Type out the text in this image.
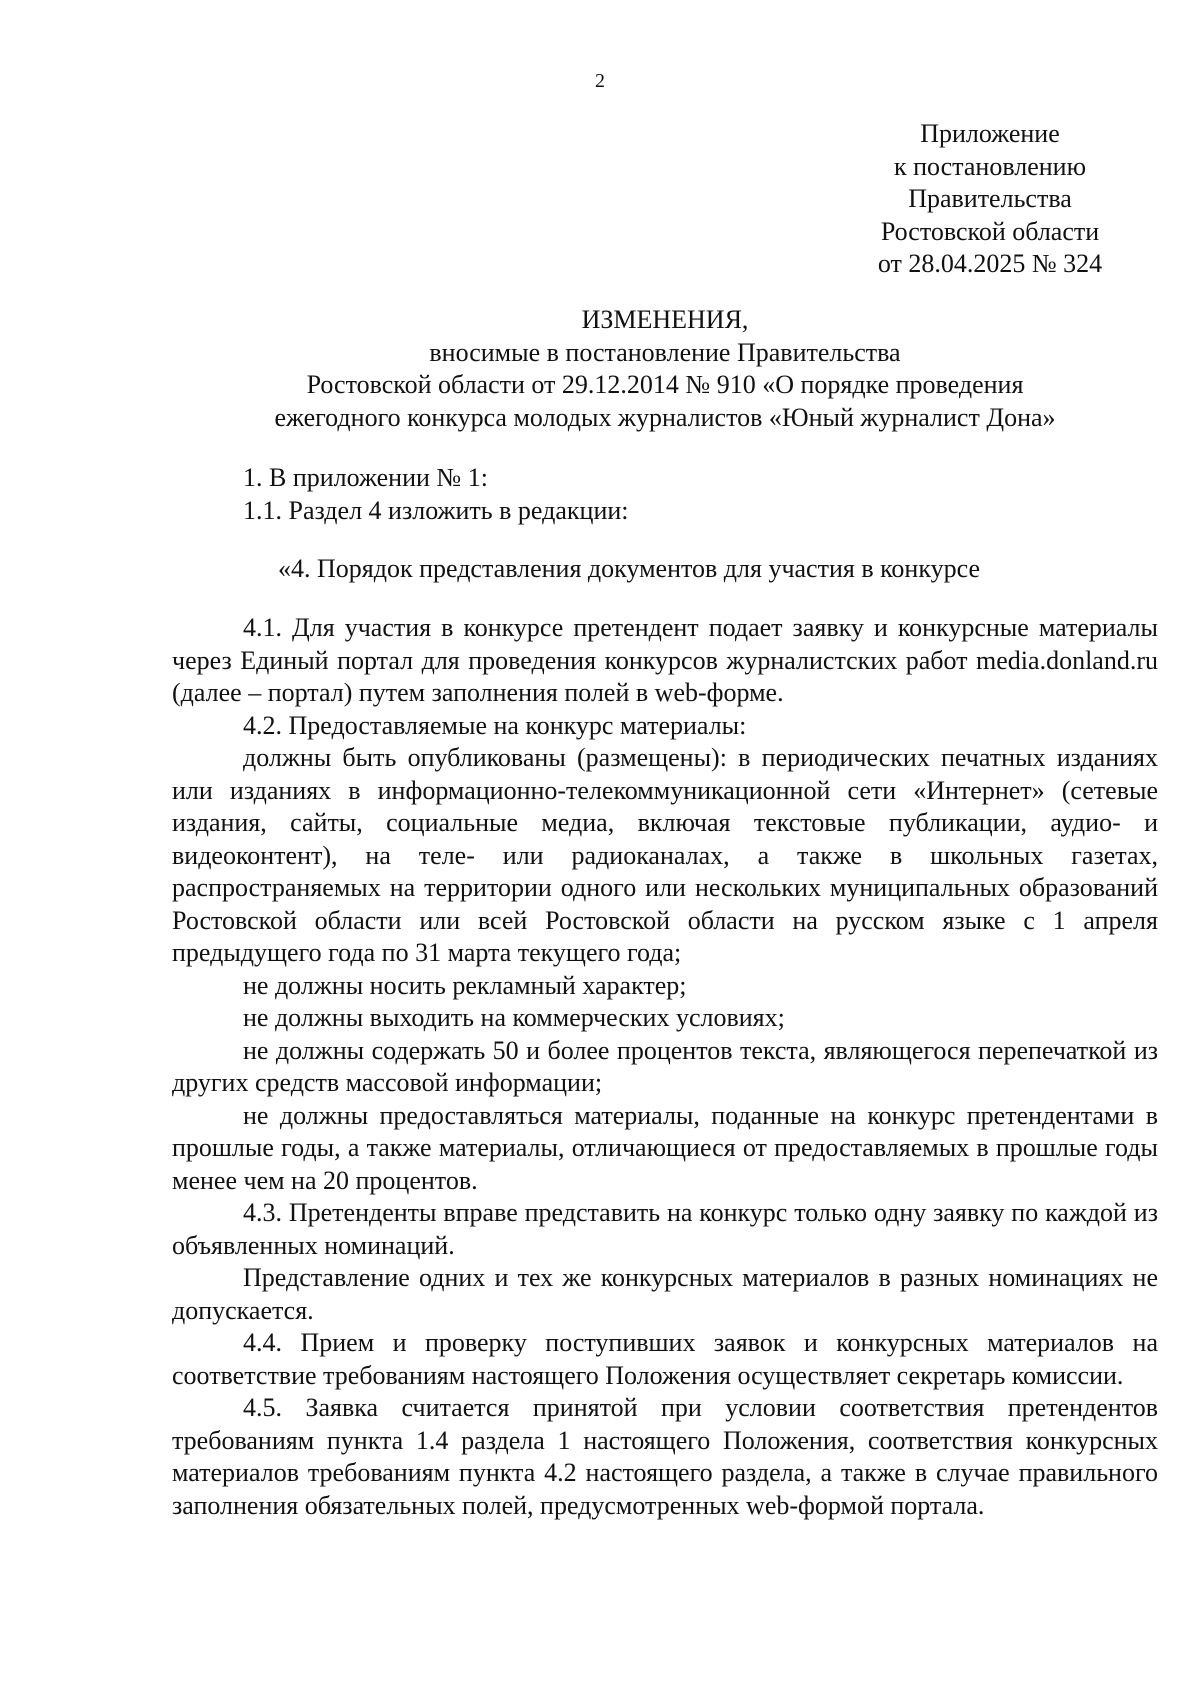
2
Приложение
к постановлению
Правительства
Ростовской области
от 28.04.2025 № 324
ИЗМЕНЕНИЯ,
вносимые в постановление Правительства
Ростовской области от 29.12.2014 № 910 «О порядке проведения
ежегодного конкурса молодых журналистов «Юный журналист Дона»

1. В приложении № 1:

1.1. Раздел 4 изложить в редакции:

«4. Порядок представления документов для участия в конкурсе

4.1. Для участия в конкурсе претендент подает заявку и конкурсные материалы через Единый портал для проведения конкурсов журналистских работ media.donland.ru (далее – портал) путем заполнения полей в web-форме.

4.2. Предоставляемые на конкурс материалы:

должны быть опубликованы (размещены): в периодических печатных изданиях или изданиях в информационно-телекоммуникационной сети «Интернет» (сетевые издания, сайты, социальные медиа, включая текстовые публикации, аудио- и видеоконтент), на теле- или радиоканалах, а также в школьных газетах, распространяемых на территории одного или нескольких муниципальных образований Ростовской области или всей Ростовской области на русском языке с 1 апреля предыдущего года по 31 марта текущего года;

не должны носить рекламный характер;

не должны выходить на коммерческих условиях;

не должны содержать 50 и более процентов текста, являющегося перепечаткой из других средств массовой информации;

не должны предоставляться материалы, поданные на конкурс претендентами в прошлые годы, а также материалы, отличающиеся от предоставляемых в прошлые годы менее чем на 20 процентов.

4.3. Претенденты вправе представить на конкурс только одну заявку по каждой из объявленных номинаций.

Представление одних и тех же конкурсных материалов в разных номинациях не допускается.

4.4. Прием и проверку поступивших заявок и конкурсных материалов на соответствие требованиям настоящего Положения осуществляет секретарь комиссии.

4.5. Заявка считается принятой при условии соответствия претендентов требованиям пункта 1.4 раздела 1 настоящего Положения, соответствия конкурсных материалов требованиям пункта 4.2 настоящего раздела, а также в случае правильного заполнения обязательных полей, предусмотренных web-формой портала.
